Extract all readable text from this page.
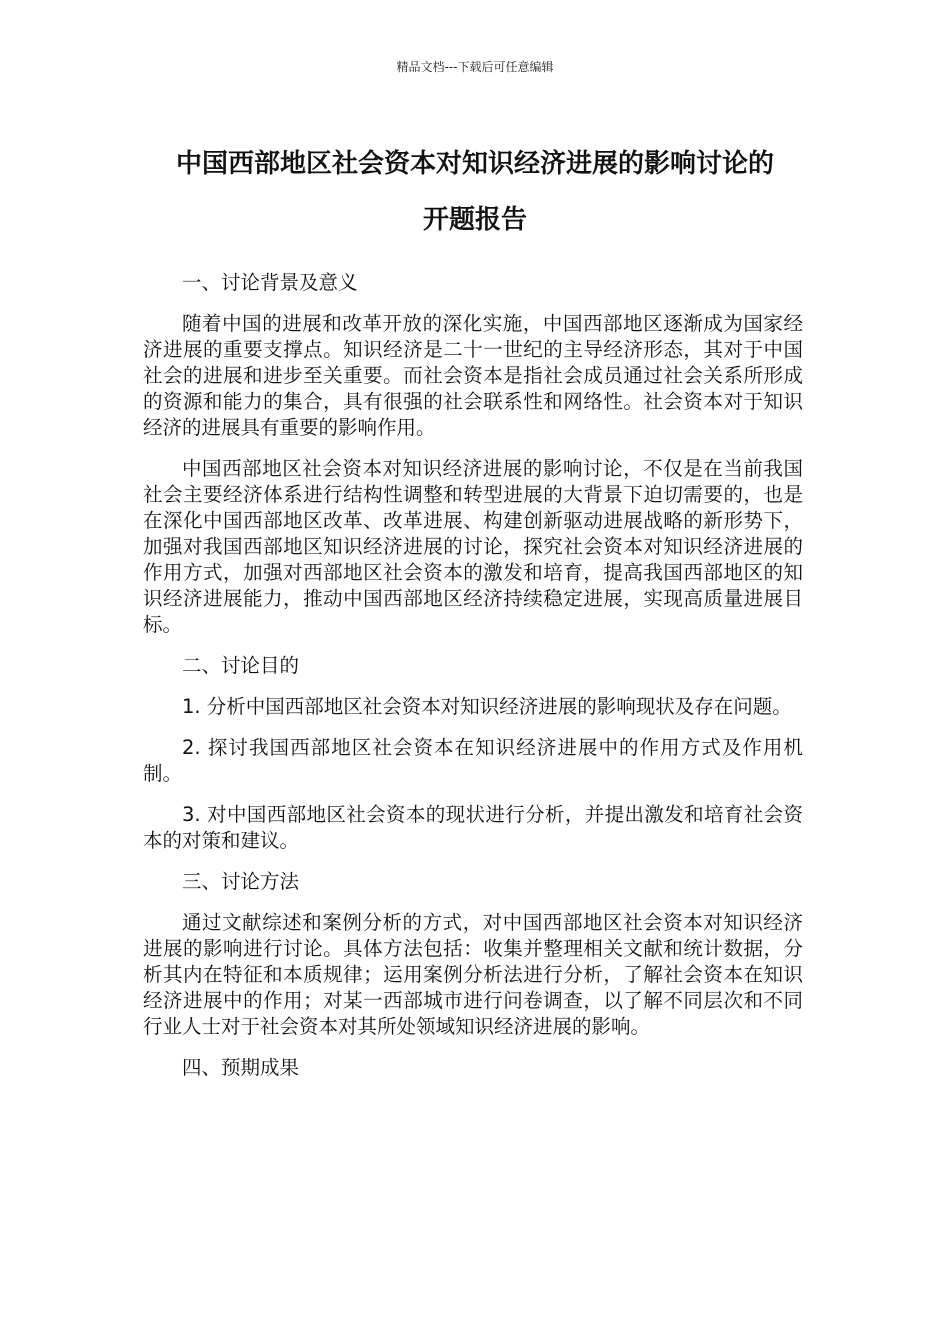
精品文档---下载后可任意编辑
中国西部地区社会资本对知识经济进展的影响讨论的
开题报告
一、讨论背景及意义
随着中国的进展和改革开放的深化实施，中国西部地区逐渐成为国家经济进展的重要支撑点。知识经济是二十一世纪的主导经济形态，其对于中国社会的进展和进步至关重要。而社会资本是指社会成员通过社会关系所形成的资源和能力的集合，具有很强的社会联系性和网络性。社会资本对于知识经济的进展具有重要的影响作用。
中国西部地区社会资本对知识经济进展的影响讨论，不仅是在当前我国社会主要经济体系进行结构性调整和转型进展的大背景下迫切需要的，也是在深化中国西部地区改革、改革进展、构建创新驱动进展战略的新形势下，加强对我国西部地区知识经济进展的讨论，探究社会资本对知识经济进展的作用方式，加强对西部地区社会资本的激发和培育，提高我国西部地区的知识经济进展能力，推动中国西部地区经济持续稳定进展，实现高质量进展目标。
二、讨论目的
1. 分析中国西部地区社会资本对知识经济进展的影响现状及存在问题。
2. 探讨我国西部地区社会资本在知识经济进展中的作用方式及作用机制。
3. 对中国西部地区社会资本的现状进行分析，并提出激发和培育社会资本的对策和建议。
三、讨论方法
通过文献综述和案例分析的方式，对中国西部地区社会资本对知识经济进展的影响进行讨论。具体方法包括：收集并整理相关文献和统计数据，分析其内在特征和本质规律；运用案例分析法进行分析，了解社会资本在知识经济进展中的作用；对某一西部城市进行问卷调查，以了解不同层次和不同行业人士对于社会资本对其所处领域知识经济进展的影响。
四、预期成果
